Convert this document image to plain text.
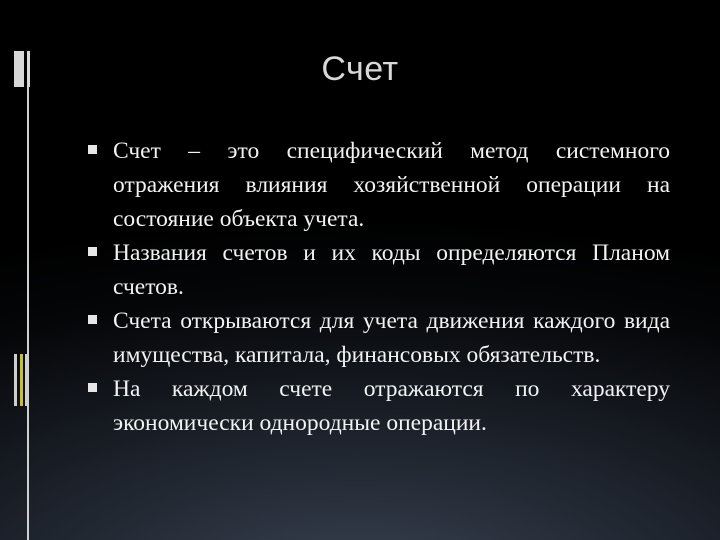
Счет
Счет – это специфический метод системного отражения влияния хозяйственной операции на состояние объекта учета.
Названия счетов и их коды определяются Планом счетов.
Счета открываются для учета движения каждого вида имущества, капитала, финансовых обязательств.
На каждом счете отражаются по характеру экономически однородные операции.
